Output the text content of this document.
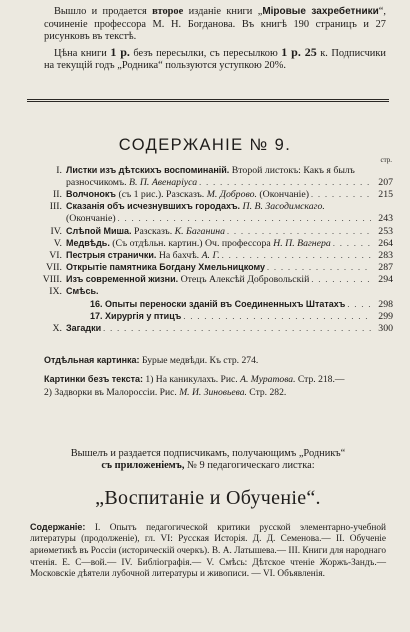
Вышло и продается второе изданіе книги „Міровые захребетники“, сочиненіе профессора М. Н. Богданова. Въ книгѣ 190 страницъ и 27 рисунковъ въ текстѣ.

Цѣна книги 1 р. безъ пересылки, съ пересылкою 1 р. 25 к. Подписчики на текущій годъ „Родника“ пользуются уступкою 20%.

СОДЕРЖАНІЕ № 9.
стр.
I. Листки изъ дѣтскихъ воспоминаній. Второй листокъ: Какъ я былъ
разносчикомъ. В. П. Авенаріуса . . .	207
II. Волчонокъ (съ 1 рис.). Разсказъ. М. Доброво. (Окончаніе) . . .	215
III. Сказанія объ исчезнувшихъ городахъ. П. В. Засодимскаго.
(Окончаніе) . . .	243
IV. Слѣпой Миша. Разсказъ. К. Баганина . . .	253
V. Медвѣдь. (Съ отдѣльн. картин.) Оч. профессора Н. П. Вагнера . . .	264
VI. Пестрыя странички. На бахчѣ. А. Г. . . .	283
VII. Открытіе памятника Богдану Хмельницкому . . .	287
VIII. Изъ современной жизни. Отецъ Алексѣй Добровольскій . . .	294
IX. Смѣсь.
16. Опыты переноски зданій въ Соединенныхъ Штатахъ . . .	298
17. Хирургія у птицъ . . .	299
X. Загадки . . .	300

Отдѣльная картинка: Бурые медвѣди. Къ стр. 274.

Картинки безъ текста: 1) На каникулахъ. Рис. А. Муратова. Стр. 218.—

2) Задворки въ Малороссіи. Рис. М. И. Зиновьева. Стр. 282.

Вышелъ и раздается подписчикамъ, получающимъ „Родникъ“
съ приложеніемъ, № 9 педагогическаго листка:

„Воспитаніе и Обученіе“.

Содержаніе: I. Опытъ педагогической критики русской элементарно-учебной литературы (продолженіе), гл. VI: Русская Исторія. Д. Д. Семенова.— II. Обученіе ариѳметикѣ въ Россіи (историческій очеркъ). В. А. Латышева.— III. Книги для народнаго чтенія. Е. С—вой.— IV. Библіографія.— V. Смѣсь: Дѣтское чтеніе Жоржъ-Зандъ.— Московскіе дѣятели лубочной литературы и живописи. — VI. Объявленія.
